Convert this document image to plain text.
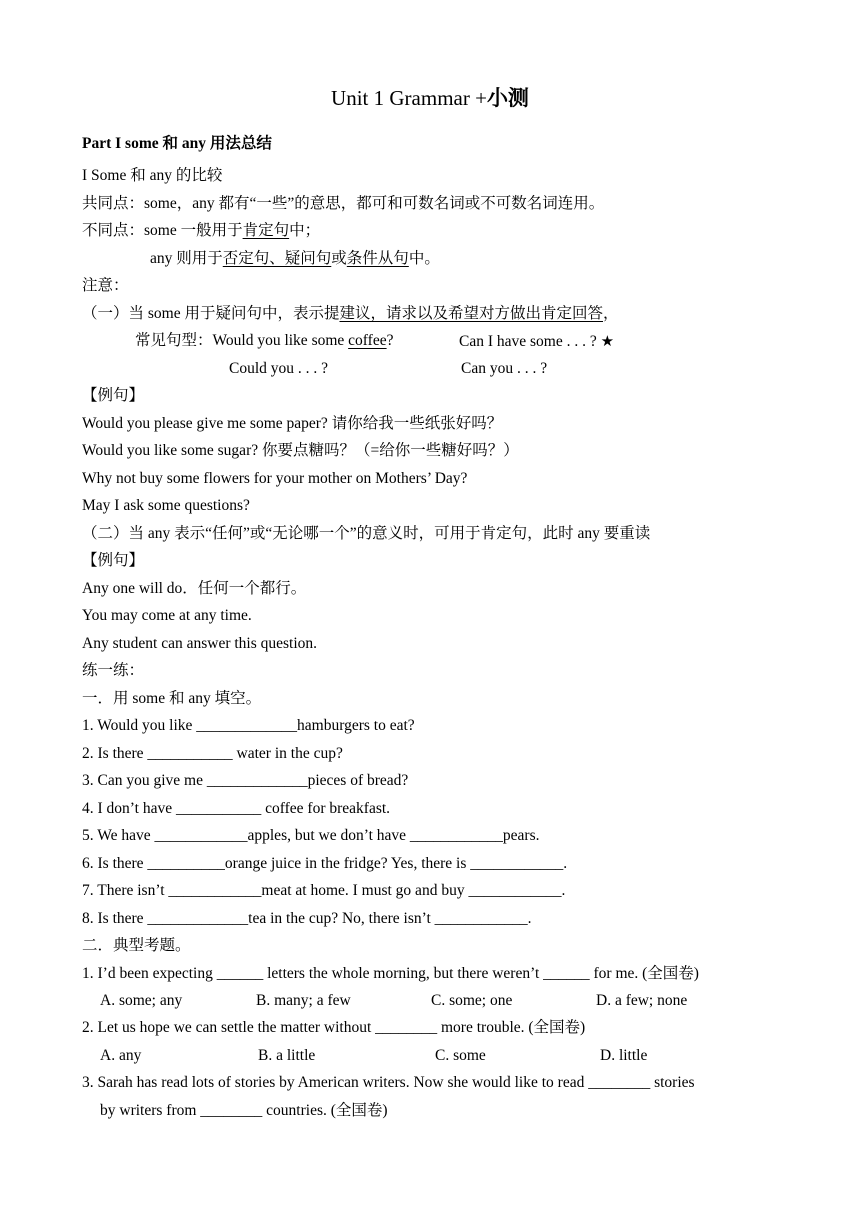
Unit 1 Grammar +小测
Part I some 和 any 用法总结
I Some 和 any 的比较
共同点：some，any 都有“一些”的意思，都可和可数名词或不可数名词连用。
不同点：some 一般用于肯定句中；
any 则用于否定句、疑问句或条件从句中。
注意：
（一）当 some 用于疑问句中，表示提建议，请求以及希望对方做出肯定回答，
常见句型：Would you like some coffee?	Can I have some . . . ? ★
Could you . . . ?	Can you . . . ?
【例句】
Would you please give me some paper? 请你给我一些纸张好吗？
Would you like some sugar? 你要点糖吗？（=给你一些糖好吗？）
Why not buy some flowers for your mother on Mothers’ Day?
May I ask some questions?
（二）当 any 表示“任何”或“无论哪一个”的意义时，可用于肯定句，此时 any 要重读
【例句】
Any one will do．任何一个都行。
You may come at any time.
Any student can answer this question.
练一练：
一．用 some 和 any 填空。
1. Would you like _____________hamburgers to eat?
2. Is there ___________ water in the cup?
3. Can you give me _____________pieces of bread?
4. I don’t have ___________ coffee for breakfast.
5. We have ____________apples, but we don’t have ____________pears.
6. Is there __________orange juice in the fridge? Yes, there is ____________.
7. There isn’t ____________meat at home. I must go and buy ____________.
8. Is there _____________tea in the cup? No, there isn’t ____________.
二．典型考题。
1. I’d been expecting ______ letters the whole morning, but there weren’t ______ for me. (全国卷)
A. some; any	B. many; a few	C. some; one	D. a few; none
2. Let us hope we can settle the matter without ________ more trouble. (全国卷)
A. any	B. a little	C. some	D. little
3. Sarah has read lots of stories by American writers. Now she would like to read ________ stories
by writers from ________ countries. (全国卷)
